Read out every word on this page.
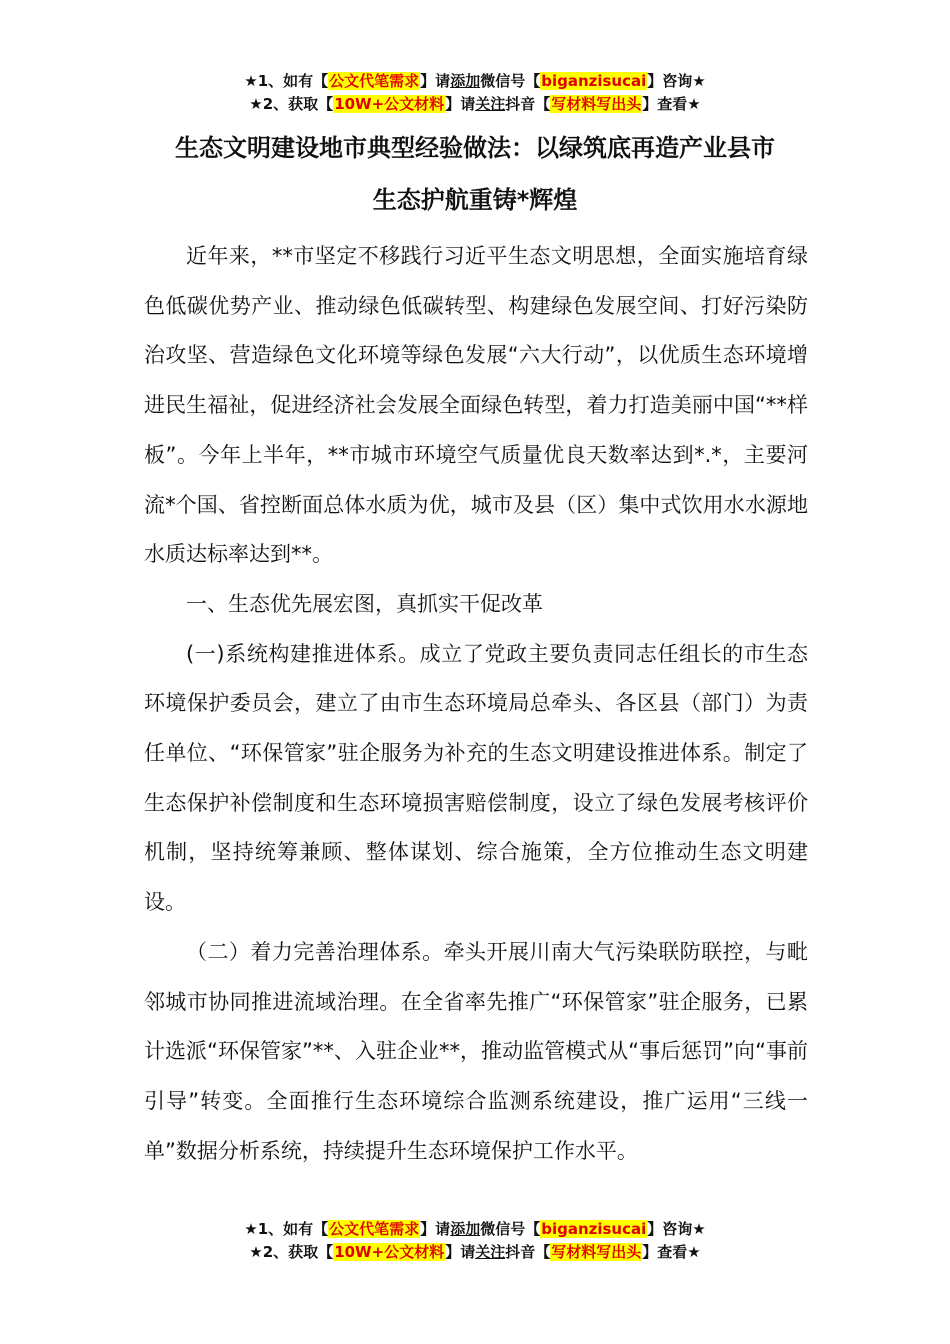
★1、如有【公文代笔需求】请添加微信号【biganzisucai】咨询★
★2、获取【10W+公文材料】请关注抖音【写材料写出头】查看★
生态文明建设地市典型经验做法：以绿筑底再造产业县市
生态护航重铸*辉煌

近年来，**市坚定不移践行习近平生态文明思想，全面实施培育绿色低碳优势产业、推动绿色低碳转型、构建绿色发展空间、打好污染防治攻坚、营造绿色文化环境等绿色发展“六大行动”，以优质生态环境增进民生福祉，促进经济社会发展全面绿色转型，着力打造美丽中国“**样板”。今年上半年，**市城市环境空气质量优良天数率达到*.*，主要河流*个国、省控断面总体水质为优，城市及县（区）集中式饮用水水源地水质达标率达到**。

一、生态优先展宏图，真抓实干促改革

(一)系统构建推进体系。成立了党政主要负责同志任组长的市生态环境保护委员会，建立了由市生态环境局总牵头、各区县（部门）为责任单位、“环保管家”驻企服务为补充的生态文明建设推进体系。制定了生态保护补偿制度和生态环境损害赔偿制度，设立了绿色发展考核评价机制，坚持统筹兼顾、整体谋划、综合施策，全方位推动生态文明建设。

（二）着力完善治理体系。牵头开展川南大气污染联防联控，与毗邻城市协同推进流域治理。在全省率先推广“环保管家”驻企服务，已累计选派“环保管家”**、入驻企业**，推动监管模式从“事后惩罚”向“事前引导”转变。全面推行生态环境综合监测系统建设，推广运用“三线一单”数据分析系统，持续提升生态环境保护工作水平。

★1、如有【公文代笔需求】请添加微信号【biganzisucai】咨询★
★2、获取【10W+公文材料】请关注抖音【写材料写出头】查看★
